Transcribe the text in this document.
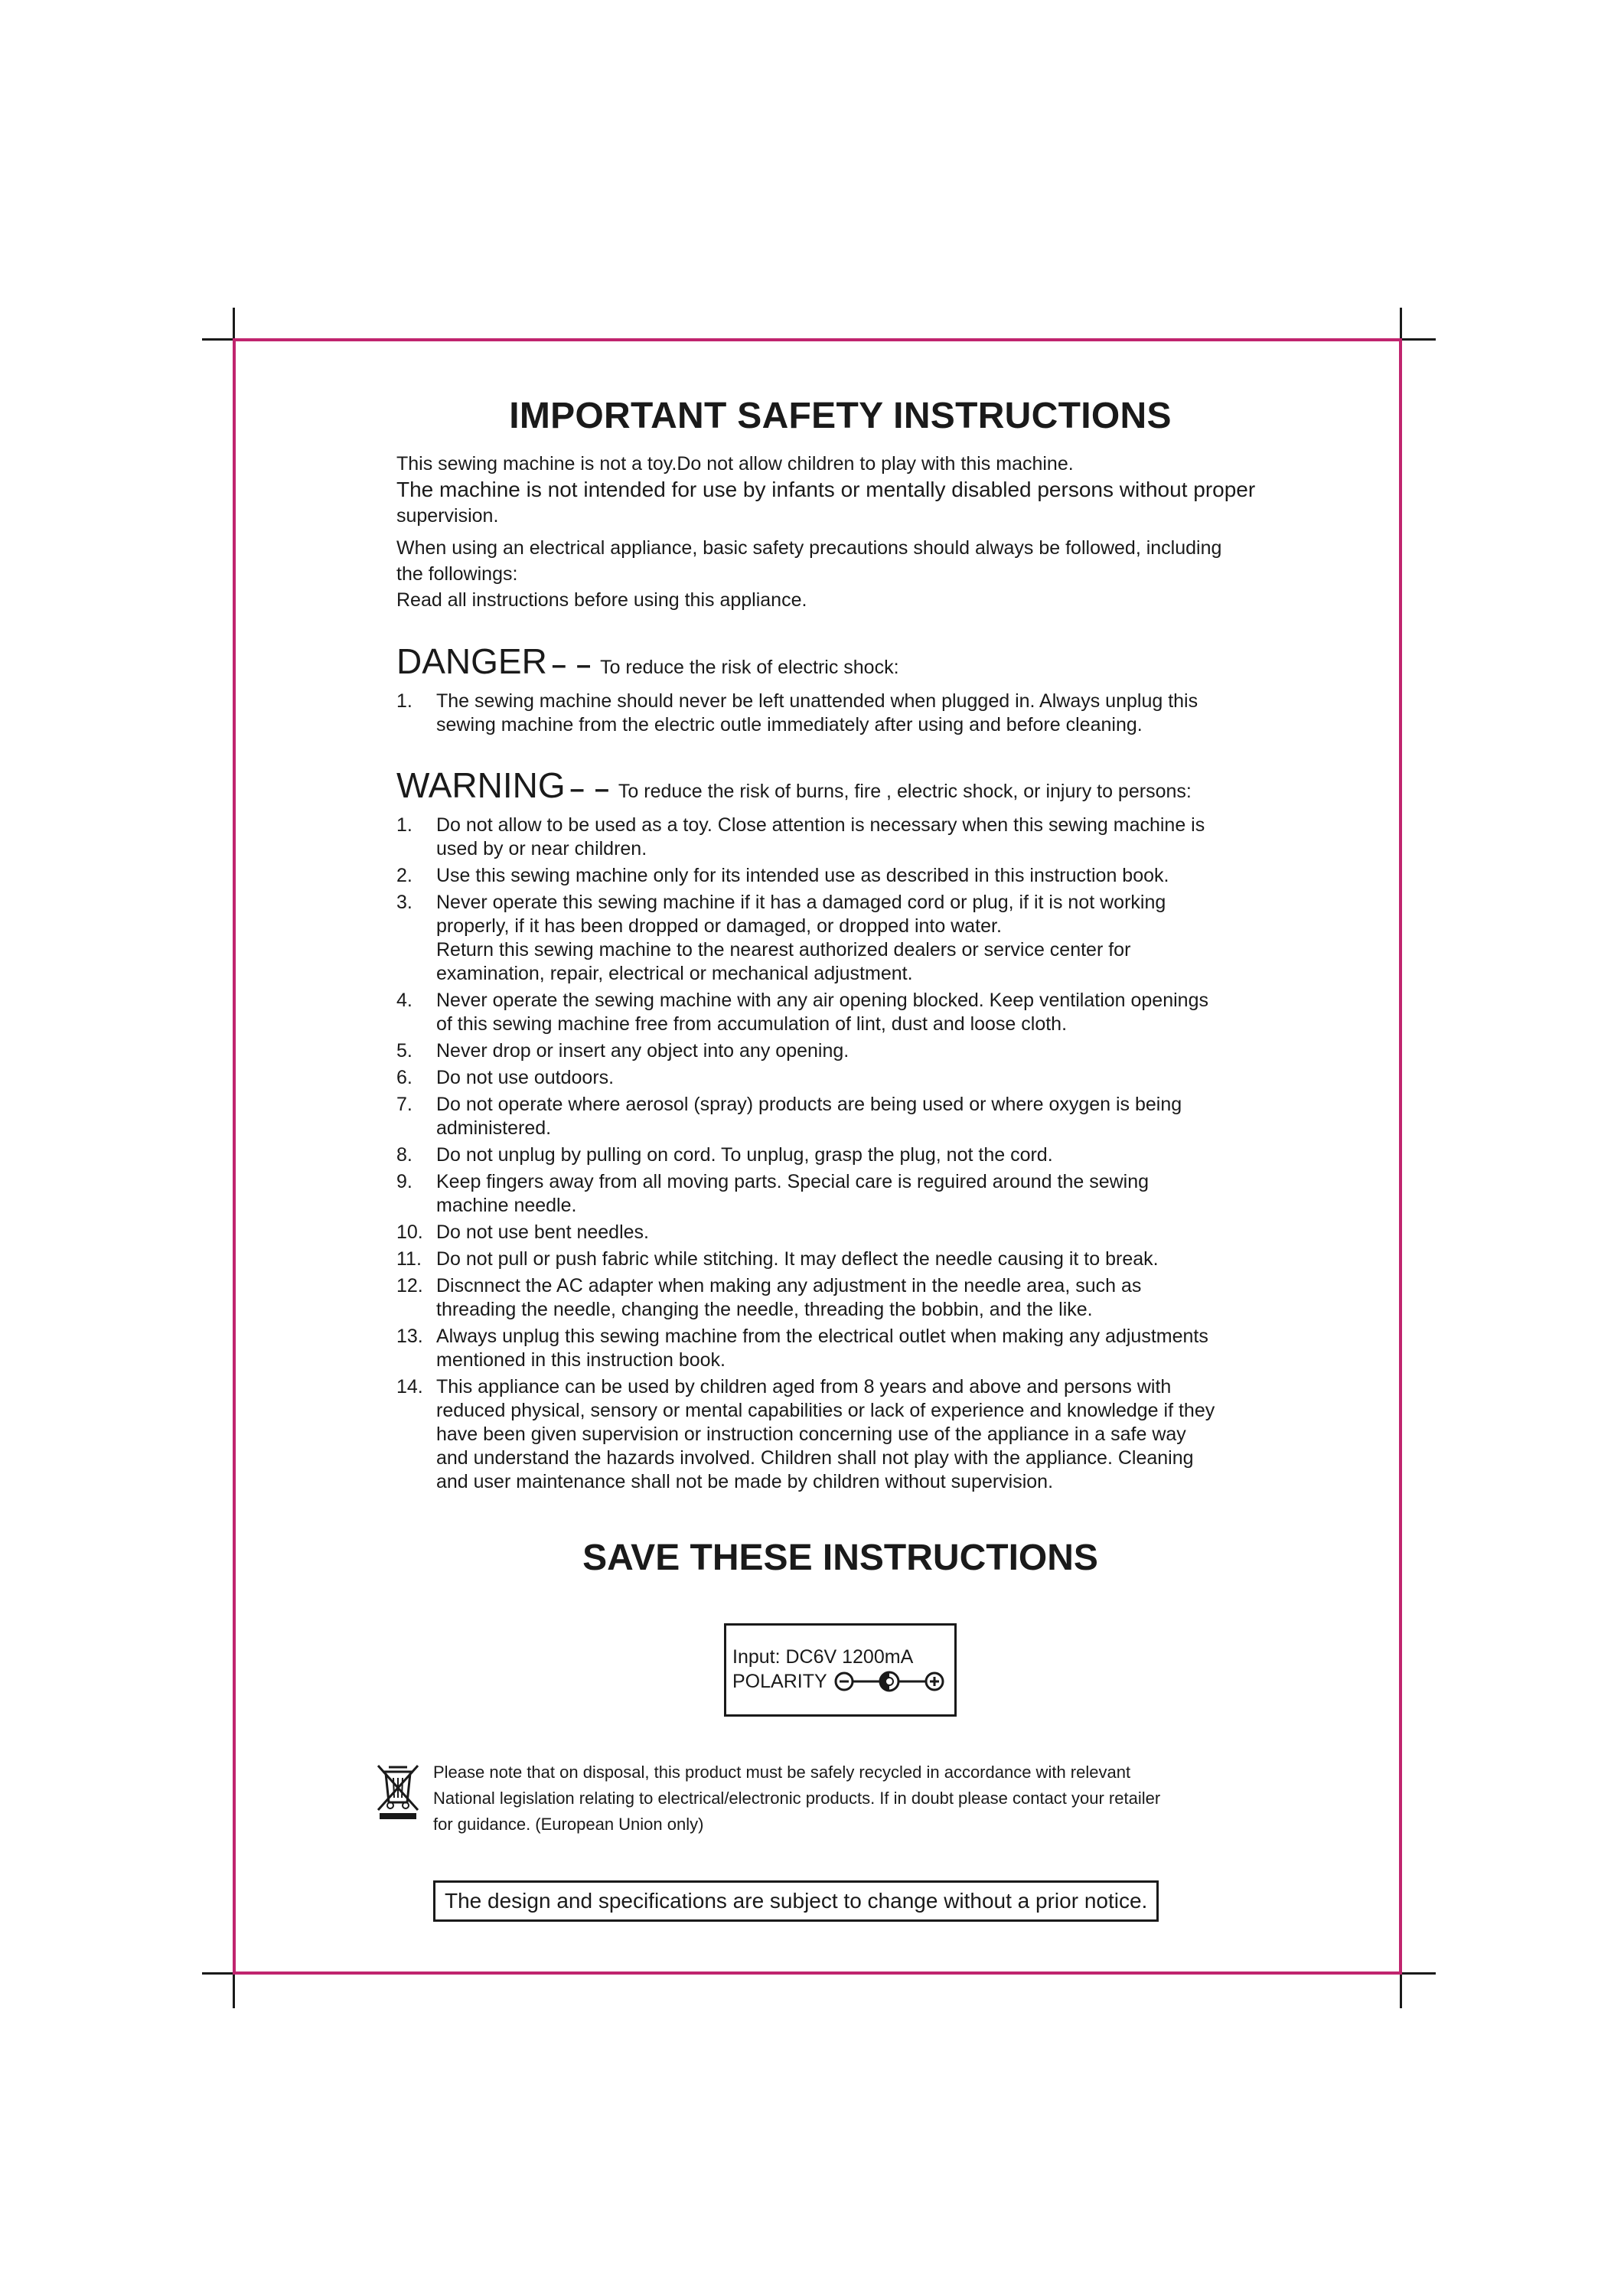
IMPORTANT SAFETY INSTRUCTIONS

This sewing machine is not a toy.Do not allow children to play with this machine.

The machine is not intended for use by infants or mentally disabled persons without proper

supervision.

When using an electrical appliance, basic safety precautions should always be followed, including

the followings:

Read all instructions before using this appliance.

DANGER – – To reduce the risk of electric shock:
1.	The sewing machine should never be left unattended when plugged in. Always unplug this
sewing machine from the electric outle immediately after using and before cleaning.
WARNING – – To reduce the risk of burns, fire , electric shock, or injury to persons:
1.	Do not allow to be used as a toy. Close attention is necessary when this sewing machine is
used by or near children.
2.	Use this sewing machine only for its intended use as described in this instruction book.
3.	Never operate this sewing machine if it has a damaged cord or plug, if it is not working
properly, if it has been dropped or damaged, or dropped into water.
Return this sewing machine to the nearest authorized dealers or service center for
examination, repair, electrical or mechanical adjustment.
4.	Never operate the sewing machine with any air opening blocked. Keep ventilation openings
of this sewing machine free from accumulation of lint, dust and loose cloth.
5.	Never drop or insert any object into any opening.
6.	Do not use outdoors.
7.	Do not operate where aerosol (spray) products are being used or where oxygen is being
administered.
8.	Do not unplug by pulling on cord. To unplug, grasp the plug, not the cord.
9.	Keep fingers away from all moving parts. Special care is reguired around the sewing
machine needle.
10. Do not use bent needles.
11. Do not pull or push fabric while stitching. It may deflect the needle causing it to break.
12. Discnnect the AC adapter when making any adjustment in the needle area, such as
threading the needle, changing the needle, threading the bobbin, and the like.
13. Always unplug this sewing machine from the electrical outlet when making any adjustments
mentioned in this instruction book.
14. This appliance can be used by children aged from 8 years and above and persons with
reduced physical, sensory or mental capabilities or lack of experience and knowledge if they
have been given supervision or instruction concerning use of the appliance in a safe way
and understand the hazards involved. Children shall not play with the appliance. Cleaning
and user maintenance shall not be made by children without supervision.
SAVE THESE INSTRUCTIONS
Input: DC6V 1200mA
POLARITY
Please note that on disposal, this product must be safely recycled in accordance with relevant
National legislation relating to electrical/electronic products. If in doubt please contact your retailer
for guidance. (European Union only)
The design and specifications are subject to change without a prior notice.
